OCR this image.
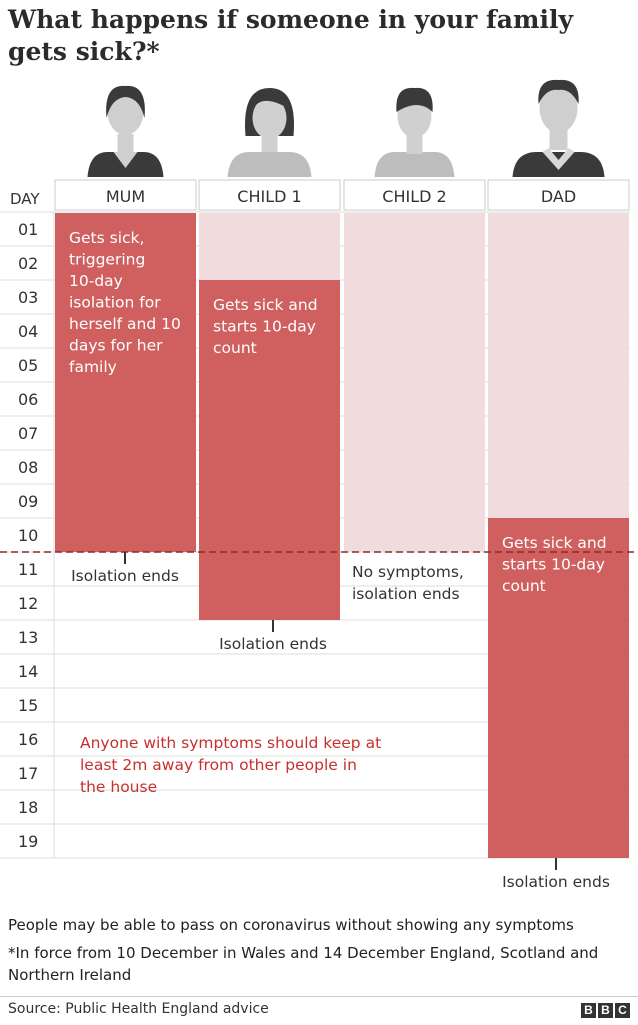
What happens if someone in your family gets sick?*
DAY
01
02
03
04
05
06
07
08
09
10
11
12
13
14
15
16
17
18
19
MUM	CHILD 1	CHILD 2	DAD
Gets sick, triggering 10-day isolation for herself and 10 days for her family
Gets sick and starts 10-day count
Gets sick and starts 10-day count
Isolation ends
Isolation ends
No symptoms, isolation ends
Isolation ends
Anyone with symptoms should keep at least 2m away from other people in the house

People may be able to pass on coronavirus without showing any symptoms

*In force from 10 December in Wales and 14 December England, Scotland and Northern Ireland

Source: Public Health England advice	B B C
